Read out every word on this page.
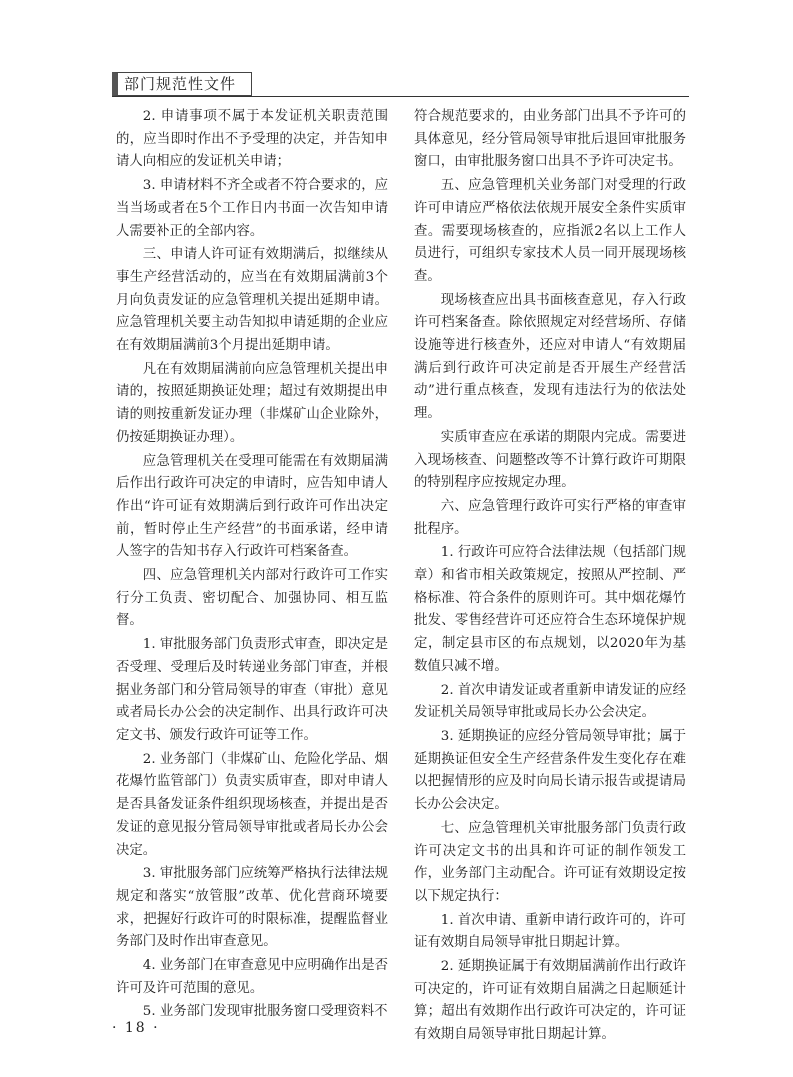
部门规范性文件

2. 申请事项不属于本发证机关职责范围的，应当即时作出不予受理的决定，并告知申请人向相应的发证机关申请；

3. 申请材料不齐全或者不符合要求的，应当当场或者在5个工作日内书面一次告知申请人需要补正的全部内容。

三、申请人许可证有效期满后，拟继续从事生产经营活动的，应当在有效期届满前3个月向负责发证的应急管理机关提出延期申请。应急管理机关要主动告知拟申请延期的企业应在有效期届满前3个月提出延期申请。

凡在有效期届满前向应急管理机关提出申请的，按照延期换证处理；超过有效期提出申请的则按重新发证办理（非煤矿山企业除外，仍按延期换证办理）。

应急管理机关在受理可能需在有效期届满后作出行政许可决定的申请时，应告知申请人作出“许可证有效期满后到行政许可作出决定前，暂时停止生产经营”的书面承诺，经申请人签字的告知书存入行政许可档案备查。

四、应急管理机关内部对行政许可工作实行分工负责、密切配合、加强协同、相互监督。

1. 审批服务部门负责形式审查，即决定是否受理、受理后及时转递业务部门审查，并根据业务部门和分管局领导的审查（审批）意见或者局长办公会的决定制作、出具行政许可决定文书、颁发行政许可证等工作。

2. 业务部门（非煤矿山、危险化学品、烟花爆竹监管部门）负责实质审查，即对申请人是否具备发证条件组织现场核查，并提出是否发证的意见报分管局领导审批或者局长办公会决定。

3. 审批服务部门应统筹严格执行法律法规规定和落实“放管服”改革、优化营商环境要求，把握好行政许可的时限标准，提醒监督业务部门及时作出审查意见。

4. 业务部门在审查意见中应明确作出是否许可及许可范围的意见。

5. 业务部门发现审批服务窗口受理资料不

符合规范要求的，由业务部门出具不予许可的具体意见，经分管局领导审批后退回审批服务窗口，由审批服务窗口出具不予许可决定书。

五、应急管理机关业务部门对受理的行政许可申请应严格依法依规开展安全条件实质审查。需要现场核查的，应指派2名以上工作人员进行，可组织专家技术人员一同开展现场核查。

现场核查应出具书面核查意见，存入行政许可档案备查。除依照规定对经营场所、存储设施等进行核查外，还应对申请人“有效期届满后到行政许可决定前是否开展生产经营活动”进行重点核查，发现有违法行为的依法处理。

实质审查应在承诺的期限内完成。需要进入现场核查、问题整改等不计算行政许可期限的特别程序应按规定办理。

六、应急管理行政许可实行严格的审查审批程序。

1. 行政许可应符合法律法规（包括部门规章）和省市相关政策规定，按照从严控制、严格标准、符合条件的原则许可。其中烟花爆竹批发、零售经营许可还应符合生态环境保护规定，制定县市区的布点规划，以2020年为基数值只减不增。

2. 首次申请发证或者重新申请发证的应经发证机关局领导审批或局长办公会决定。

3. 延期换证的应经分管局领导审批；属于延期换证但安全生产经营条件发生变化存在难以把握情形的应及时向局长请示报告或提请局长办公会决定。

七、应急管理机关审批服务部门负责行政许可决定文书的出具和许可证的制作领发工作，业务部门主动配合。许可证有效期设定按以下规定执行：

1. 首次申请、重新申请行政许可的，许可证有效期自局领导审批日期起计算。

2. 延期换证属于有效期届满前作出行政许可决定的，许可证有效期自届满之日起顺延计算；超出有效期作出行政许可决定的，许可证有效期自局领导审批日期起计算。

· 18 ·
